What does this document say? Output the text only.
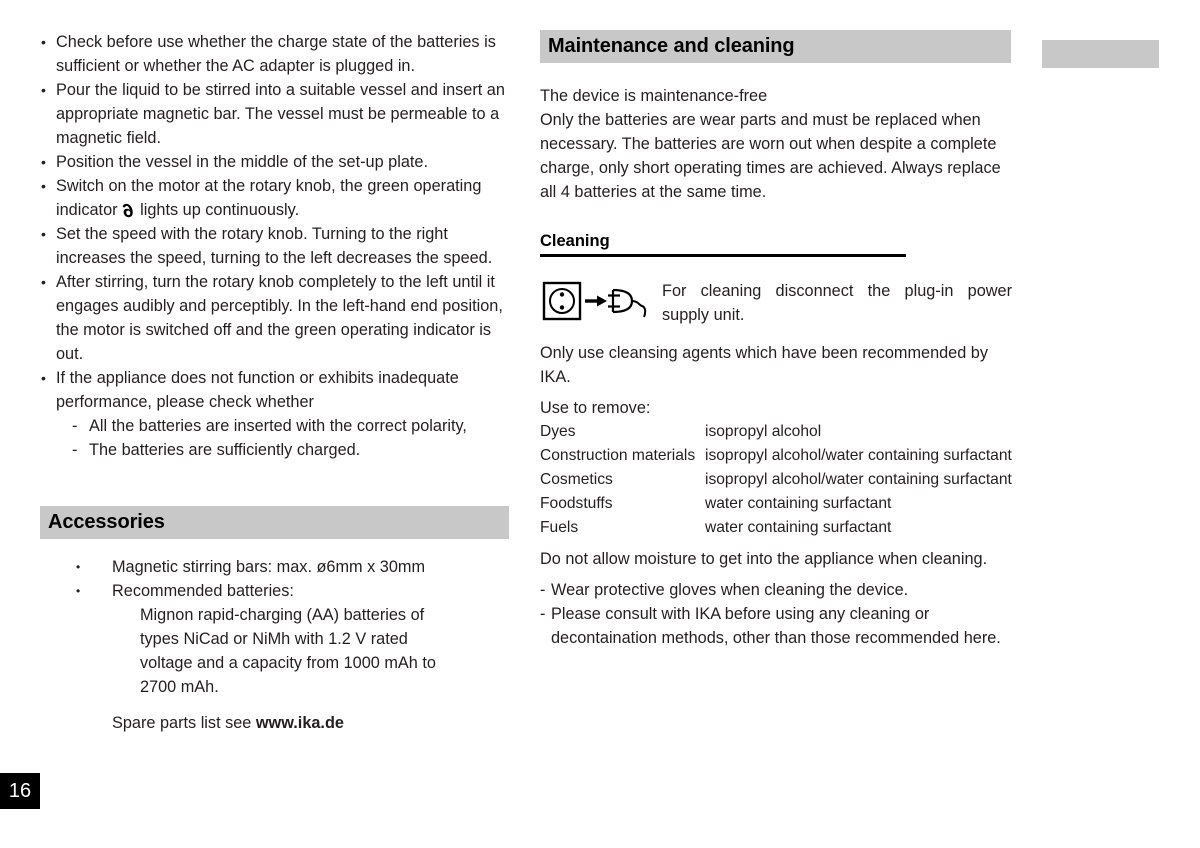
• Check before use whether the charge state of the batteries is sufficient or whether the AC adapter is plugged in.
• Pour the liquid to be stirred into a suitable vessel and insert an appropriate magnetic bar. The vessel must be permeable to a magnetic field.
• Position the vessel in the middle of the set-up plate.
• Switch on the motor at the rotary knob, the green operating indicator 6 lights up continuously.
• Set the speed with the rotary knob. Turning to the right increases the speed, turning to the left decreases the speed.
• After stirring, turn the rotary knob completely to the left until it engages audibly and perceptibly. In the left-hand end position, the motor is switched off and the green operating indicator is out.
• If the appliance does not function or exhibits inadequate performance, please check whether
- All the batteries are inserted with the correct polarity,
- The batteries are sufficiently charged.
Accessories
• Magnetic stirring bars: max. ø6mm x 30mm
• Recommended batteries:
Mignon rapid-charging (AA) batteries of types NiCad or NiMh with 1.2 V rated voltage and a capacity from 1000 mAh to 2700 mAh.
Spare parts list see www.ika.de
Maintenance and cleaning
The device is maintenance-free
Only the batteries are wear parts and must be replaced when necessary. The batteries are worn out when despite a complete charge, only short operating times are achieved. Always replace all 4 batteries at the same time.
Cleaning
For cleaning disconnect the plug-in power supply unit.
Only use cleansing agents which have been recommended by IKA.
Use to remove:
Dyes	isopropyl alcohol
Construction materials	isopropyl alcohol/water containing surfactant
Cosmetics	isopropyl alcohol/water containing surfactant
Foodstuffs	water containing surfactant
Fuels	water containing surfactant
Do not allow moisture to get into the appliance when cleaning.
- Wear protective gloves when cleaning the device.
- Please consult with IKA before using any cleaning or decontaination methods, other than those recommended here.
16
